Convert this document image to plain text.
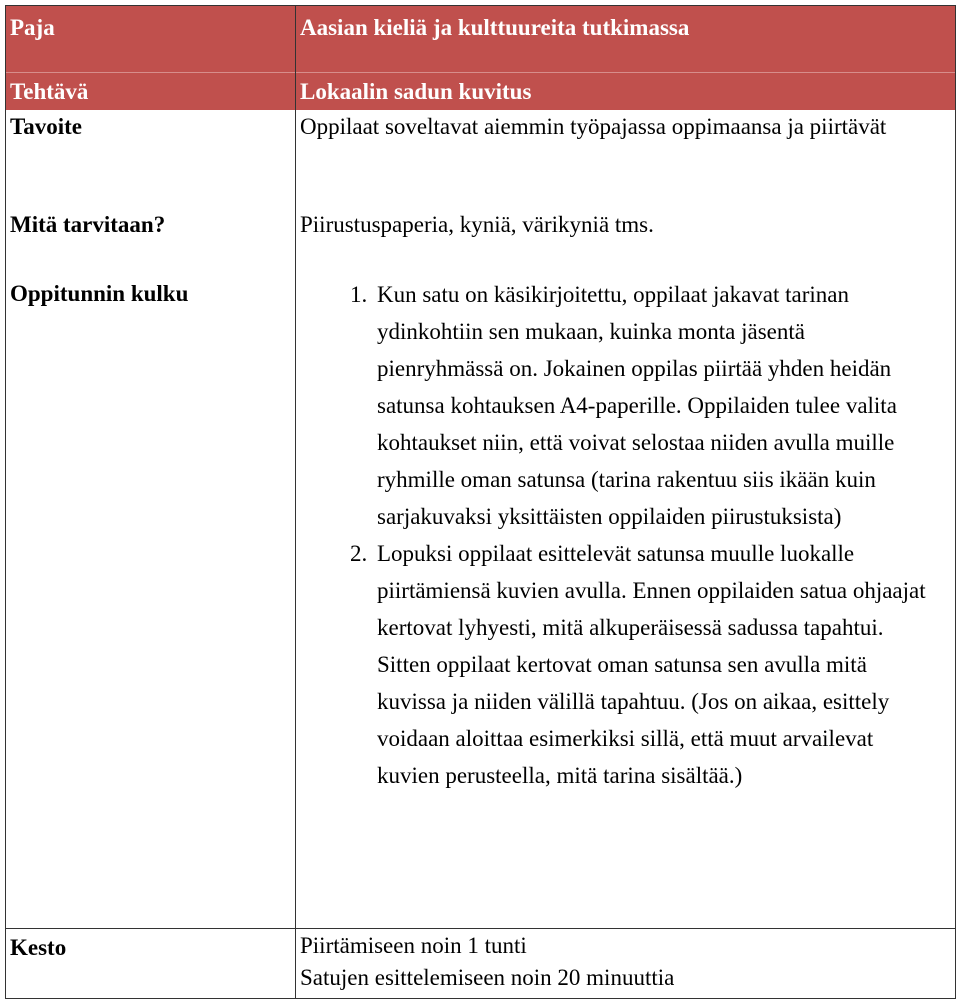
Paja	Aasian kieliä ja kulttuureita tutkimassa
Tehtävä	Lokaalin sadun kuvitus
Tavoite	Oppilaat soveltavat aiemmin työpajassa oppimaansa ja piirtävät
Mitä tarvitaan?	Piirustuspaperia, kyniä, värikyniä tms.
Oppitunnin kulku
1.	Kun satu on käsikirjoitettu, oppilaat jakavat tarinan ydinkohtiin sen mukaan, kuinka monta jäsentä pienryhmässä on. Jokainen oppilas piirtää yhden heidän satunsa kohtauksen A4-paperille. Oppilaiden tulee valita kohtaukset niin, että voivat selostaa niiden avulla muille ryhmille oman satunsa (tarina rakentuu siis ikään kuin sarjakuvaksi yksittäisten oppilaiden piirustuksista)
2. Lopuksi oppilaat esittelevät satunsa muulle luokalle piirtämiensä kuvien avulla. Ennen oppilaiden satua ohjaajat kertovat lyhyesti, mitä alkuperäisessä sadussa tapahtui. Sitten oppilaat kertovat oman satunsa sen avulla mitä kuvissa ja niiden välillä tapahtuu. (Jos on aikaa, esittely voidaan aloittaa esimerkiksi sillä, että muut arvailevat kuvien perusteella, mitä tarina sisältää.)
Kesto	Piirtämiseen noin 1 tunti
Satujen esittelemiseen noin 20 minuuttia
